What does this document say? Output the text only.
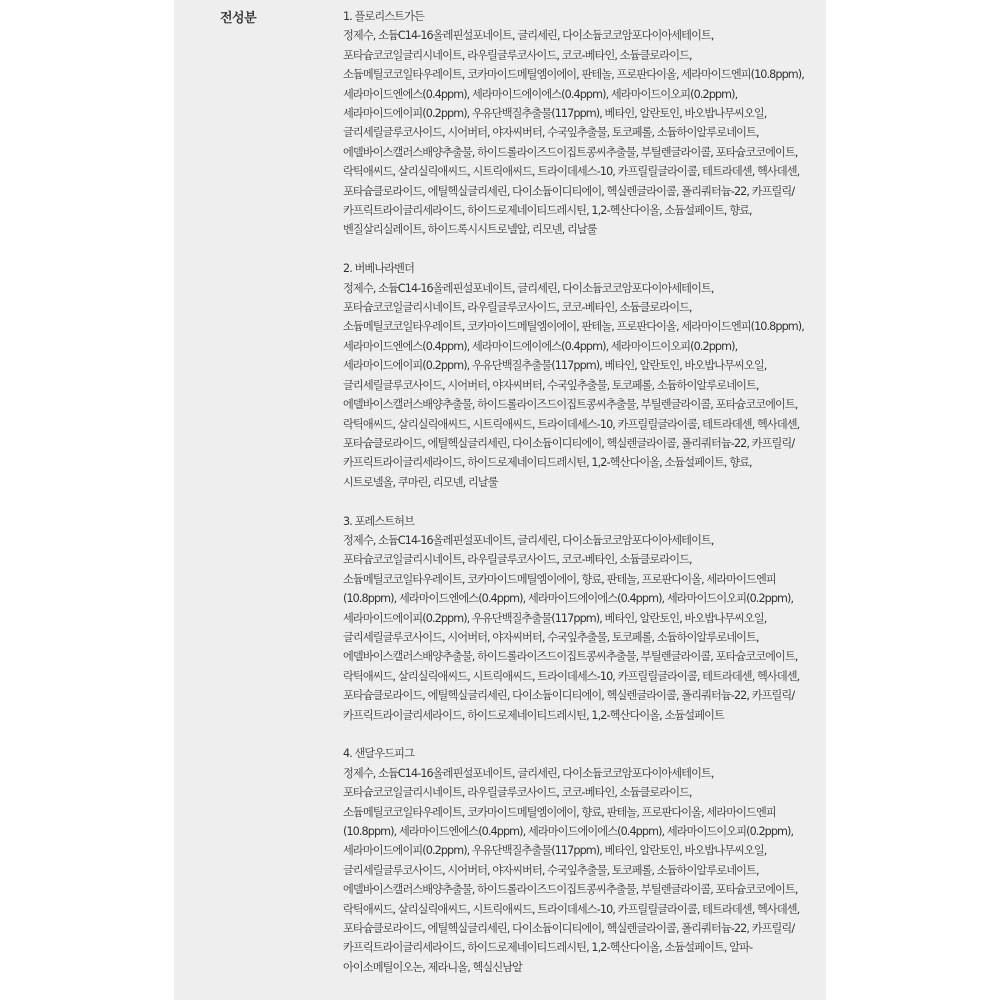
전성분	1. 플로리스트가든

정제수, 소듐C14-16올레핀설포네이트, 글리세린, 다이소듐코코암포다이아세테이트, 포타슘코코일글리시네이트, 라우릴글루코사이드, 코코-베타인, 소듐클로라이드, 소듐메틸코코일타우레이트, 코카마이드메틸엠이에이, 판테놀, 프로판다이올, 세라마이드엔피(10.8ppm), 세라마이드엔에스(0.4ppm), 세라마이드에이에스(0.4ppm), 세라마이드이오피(0.2ppm), 세라마이드에이피(0.2ppm), 우유단백질추출물(117ppm), 베타인, 알란토인, 바오밥나무씨오일, 글리세릴글루코사이드, 시어버터, 야자씨버터, 수국잎추출물, 토코페롤, 소듐하이알루로네이트, 에델바이스캘러스배양추출물, 하이드롤라이즈드이집트콩씨추출물, 부틸렌글라이콜, 포타슘코코에이트, 락틱애씨드, 살리실릭애씨드, 시트릭애씨드, 트라이데세스-10, 카프릴릴글라이콜, 테트라데센, 헥사데센, 포타슘클로라이드, 에틸헥실글리세린, 다이소듐이디티에이, 헥실렌글라이콜, 폴리쿼터늄-22, 카프릴릭/카프릭트라이글리세라이드, 하이드로제네이티드레시틴, 1,2-헥산다이올, 소듐설페이트, 향료, 벤질살리실레이트, 하이드록시시트로넬알, 리모넨, 리날룰

2. 버베나라벤더

정제수, 소듐C14-16올레핀설포네이트, 글리세린, 다이소듐코코암포다이아세테이트, 포타슘코코일글리시네이트, 라우릴글루코사이드, 코코-베타인, 소듐클로라이드, 소듐메틸코코일타우레이트, 코카마이드메틸엠이에이, 판테놀, 프로판다이올, 세라마이드엔피(10.8ppm), 세라마이드엔에스(0.4ppm), 세라마이드에이에스(0.4ppm), 세라마이드이오피(0.2ppm), 세라마이드에이피(0.2ppm), 우유단백질추출물(117ppm), 베타인, 알란토인, 바오밥나무씨오일, 글리세릴글루코사이드, 시어버터, 야자씨버터, 수국잎추출물, 토코페롤, 소듐하이알루로네이트, 에델바이스캘러스배양추출물, 하이드롤라이즈드이집트콩씨추출물, 부틸렌글라이콜, 포타슘코코에이트, 락틱애씨드, 살리실릭애씨드, 시트릭애씨드, 트라이데세스-10, 카프릴릴글라이콜, 테트라데센, 헥사데센, 포타슘클로라이드, 에틸헥실글리세린, 다이소듐이디티에이, 헥실렌글라이콜, 폴리쿼터늄-22, 카프릴릭/카프릭트라이글리세라이드, 하이드로제네이티드레시틴, 1,2-헥산다이올, 소듐설페이트, 향료, 시트로넬올, 쿠마린, 리모넨, 리날룰

3. 포레스트허브

정제수, 소듐C14-16올레핀설포네이트, 글리세린, 다이소듐코코암포다이아세테이트, 포타슘코코일글리시네이트, 라우릴글루코사이드, 코코-베타인, 소듐클로라이드, 소듐메틸코코일타우레이트, 코카마이드메틸엠이에이, 향료, 판테놀, 프로판다이올, 세라마이드엔피(10.8ppm), 세라마이드엔에스(0.4ppm), 세라마이드에이에스(0.4ppm), 세라마이드이오피(0.2ppm), 세라마이드에이피(0.2ppm), 우유단백질추출물(117ppm), 베타인, 알란토인, 바오밥나무씨오일, 글리세릴글루코사이드, 시어버터, 야자씨버터, 수국잎추출물, 토코페롤, 소듐하이알루로네이트, 에델바이스캘러스배양추출물, 하이드롤라이즈드이집트콩씨추출물, 부틸렌글라이콜, 포타슘코코에이트, 락틱애씨드, 살리실릭애씨드, 시트릭애씨드, 트라이데세스-10, 카프릴릴글라이콜, 테트라데센, 헥사데센, 포타슘클로라이드, 에틸헥실글리세린, 다이소듐이디티에이, 헥실렌글라이콜, 폴리쿼터늄-22, 카프릴릭/카프릭트라이글리세라이드, 하이드로제네이티드레시틴, 1,2-헥산다이올, 소듐설페이트

4. 샌달우드피그

정제수, 소듐C14-16올레핀설포네이트, 글리세린, 다이소듐코코암포다이아세테이트, 포타슘코코일글리시네이트, 라우릴글루코사이드, 코코-베타인, 소듐클로라이드, 소듐메틸코코일타우레이트, 코카마이드메틸엠이에이, 향료, 판테놀, 프로판다이올, 세라마이드엔피(10.8ppm), 세라마이드엔에스(0.4ppm), 세라마이드에이에스(0.4ppm), 세라마이드이오피(0.2ppm), 세라마이드에이피(0.2ppm), 우유단백질추출물(117ppm), 베타인, 알란토인, 바오밥나무씨오일, 글리세릴글루코사이드, 시어버터, 야자씨버터, 수국잎추출물, 토코페롤, 소듐하이알루로네이트, 에델바이스캘러스배양추출물, 하이드롤라이즈드이집트콩씨추출물, 부틸렌글라이콜, 포타슘코코에이트, 락틱애씨드, 살리실릭애씨드, 시트릭애씨드, 트라이데세스-10, 카프릴릴글라이콜, 테트라데센, 헥사데센, 포타슘클로라이드, 에틸헥실글리세린, 다이소듐이디티에이, 헥실렌글라이콜, 폴리쿼터늄-22, 카프릴릭/카프릭트라이글리세라이드, 하이드로제네이티드레시틴, 1,2-헥산다이올, 소듐설페이트, 알파-아이소메틸이오논, 제라니올, 헥실신남알
